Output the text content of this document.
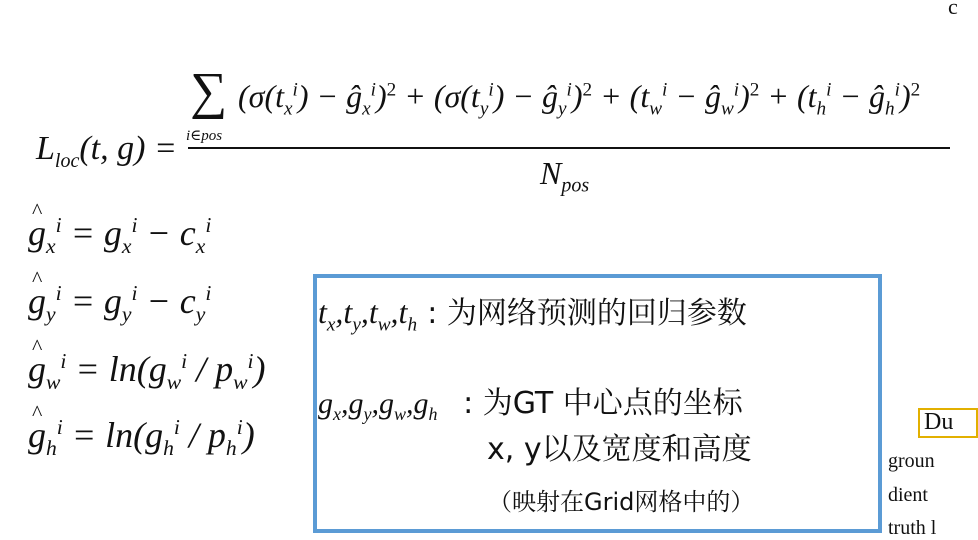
c
$L_{loc}(t$, g) =
∑
i∈pos
($\sigma(t_x^i)$ − $ĝ_x^i)^2 + (\sigma(t_y^i)$ − $ĝ_y^i)^2 + (t_w^i$ − $ĝ_w^i)^2 + (t_h^i$ − $ĝ_h^i)^2$
$N_{pos}$
^ $g_x^i = g_x^i - c_x^i$
^ $g_y^i = g_y^i - c_y^i$
^ $g_w^i = \ln(g_w^i / p_w^i)$
^ $g_h^i = \ln(g_h^i / p_h^i)$
$t_x,t_y,t_w,t_h$ : 为网络预测的回归参数
$g_x,g_y,g_w,g_h$ : 为GT 中心点的坐标
x, y以及宽度和高度
（映射在Grid网格中的）
Du
groun
dient
truth l
